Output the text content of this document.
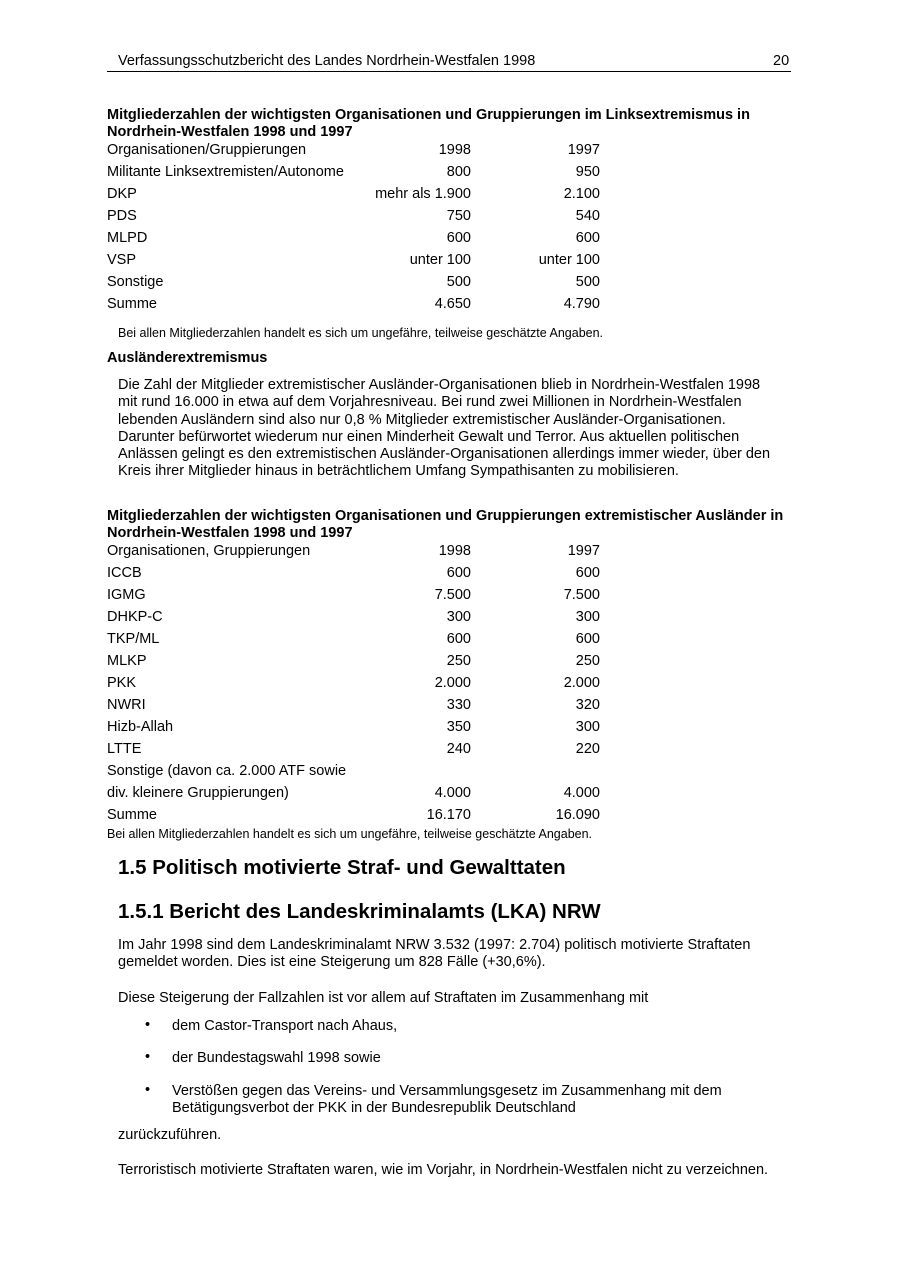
Verfassungsschutzbericht des Landes Nordrhein-Westfalen 1998	20
Mitgliederzahlen der wichtigsten Organisationen und Gruppierungen im Linksextremismus in Nordrhein-Westfalen 1998 und 1997
Organisationen/Gruppierungen	1998	1997
Militante Linksextremisten/Autonome	800	950
DKP	mehr als 1.900	2.100
PDS	750	540
MLPD	600	600
VSP	unter 100	unter 100
Sonstige	500	500
Summe	4.650	4.790
Bei allen Mitgliederzahlen handelt es sich um ungefähre, teilweise geschätzte Angaben.
Ausländerextremismus
Die Zahl der Mitglieder extremistischer Ausländer-Organisationen blieb in Nordrhein-Westfalen 1998 mit rund 16.000 in etwa auf dem Vorjahresniveau. Bei rund zwei Millionen in Nordrhein-Westfalen lebenden Ausländern sind also nur 0,8 % Mitglieder extremistischer Ausländer-Organisationen. Darunter befürwortet wiederum nur einen Minderheit Gewalt und Terror. Aus aktuellen politischen Anlässen gelingt es den extremistischen Ausländer-Organisationen allerdings immer wieder, über den Kreis ihrer Mitglieder hinaus in beträchtlichem Umfang Sympathisanten zu mobilisieren.
Mitgliederzahlen der wichtigsten Organisationen und Gruppierungen extremistischer Ausländer in Nordrhein-Westfalen 1998 und 1997
Organisationen, Gruppierungen	1998	1997
ICCB	600	600
IGMG	7.500	7.500
DHKP-C	300	300
TKP/ML	600	600
MLKP	250	250
PKK	2.000	2.000
NWRI	330	320
Hizb-Allah	350	300
LTTE	240	220
Sonstige (davon ca. 2.000 ATF sowie
div. kleinere Gruppierungen)	4.000	4.000
Summe	16.170	16.090
Bei allen Mitgliederzahlen handelt es sich um ungefähre, teilweise geschätzte Angaben.
1.5 Politisch motivierte Straf- und Gewalttaten
1.5.1 Bericht des Landeskriminalamts (LKA) NRW
Im Jahr 1998 sind dem Landeskriminalamt NRW 3.532 (1997: 2.704) politisch motivierte Straftaten gemeldet worden. Dies ist eine Steigerung um 828 Fälle (+30,6%).
Diese Steigerung der Fallzahlen ist vor allem auf Straftaten im Zusammenhang mit
• dem Castor-Transport nach Ahaus,
• der Bundestagswahl 1998 sowie
• Verstößen gegen das Vereins- und Versammlungsgesetz im Zusammenhang mit dem Betätigungsverbot der PKK in der Bundesrepublik Deutschland
zurückzuführen.
Terroristisch motivierte Straftaten waren, wie im Vorjahr, in Nordrhein-Westfalen nicht zu verzeichnen.
